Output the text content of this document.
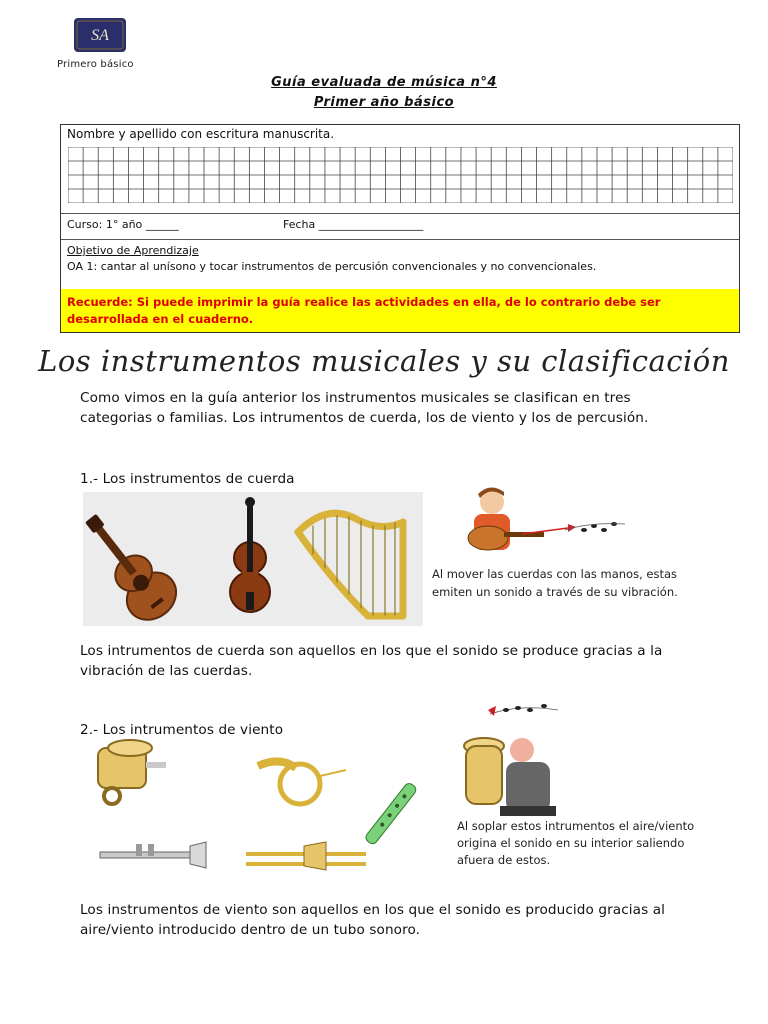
SA
Primero básico
Guía evaluada de música n°4
Primer año básico
Nombre y apellido con escritura manuscrita.
Curso: 1° año ______	Fecha ___________________
Objetivo de Aprendizaje
OA 1: cantar al unísono y tocar instrumentos de percusión convencionales y no convencionales.
Recuerde: Si puede imprimir la guía realice las actividades en ella, de lo contrario debe ser desarrollada en el cuaderno.
Los instrumentos musicales y su clasificación
Como vimos en la guía anterior los instrumentos musicales se clasifican en tres categorias o familias. Los intrumentos de cuerda, los de viento y los de percusión.
1.- Los instrumentos de cuerda
Al mover las cuerdas con las manos, estas emiten un sonido a través de su vibración.
Los intrumentos de cuerda son aquellos en los que el sonido se produce gracias a la vibración de las cuerdas.
2.- Los intrumentos de viento
Al soplar estos intrumentos el aire/viento origina el sonido en su interior saliendo afuera de estos.
Los instrumentos de viento son aquellos en los que el sonido es producido gracias al aire/viento introducido dentro de un tubo sonoro.
